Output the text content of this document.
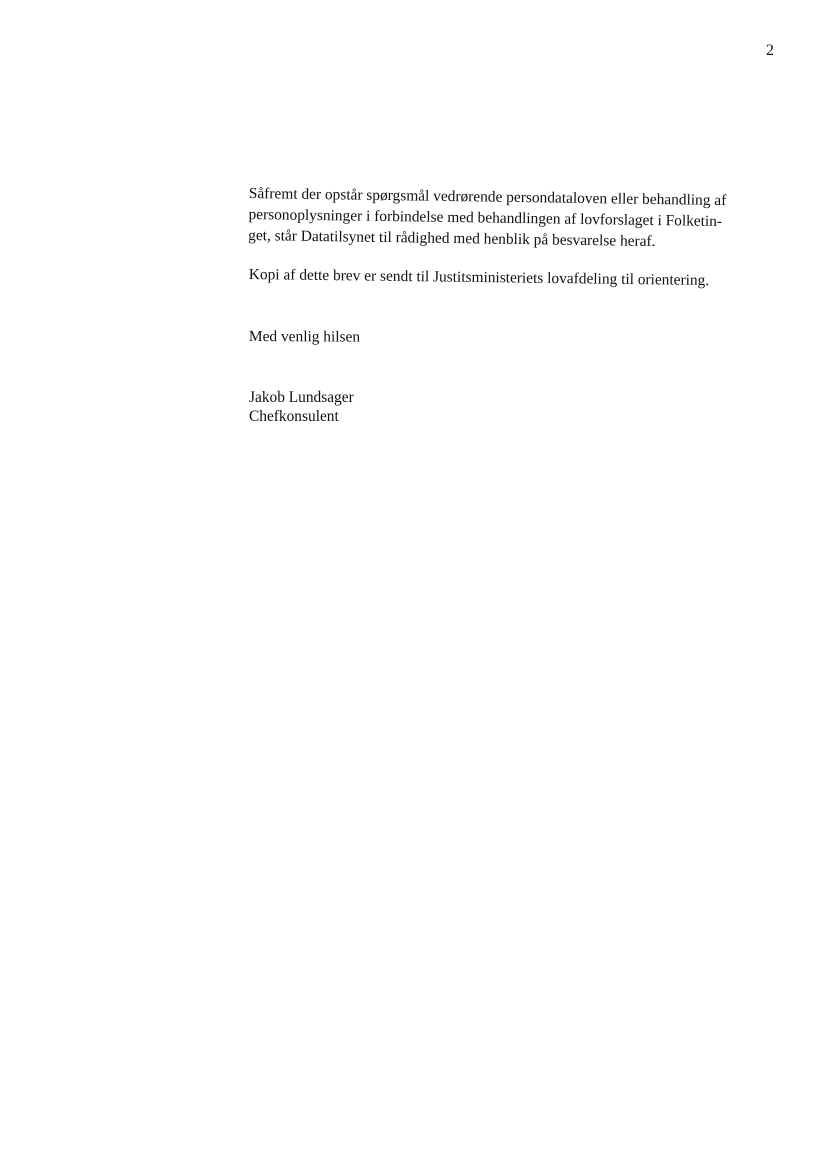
2

Såfremt der opstår spørgsmål vedrørende persondataloven eller behandling af
personoplysninger i forbindelse med behandlingen af lovforslaget i Folketin-
get, står Datatilsynet til rådighed med henblik på besvarelse heraf.

Kopi af dette brev er sendt til Justitsministeriets lovafdeling til orientering.

Med venlig hilsen

Jakob Lundsager
Chefkonsulent
